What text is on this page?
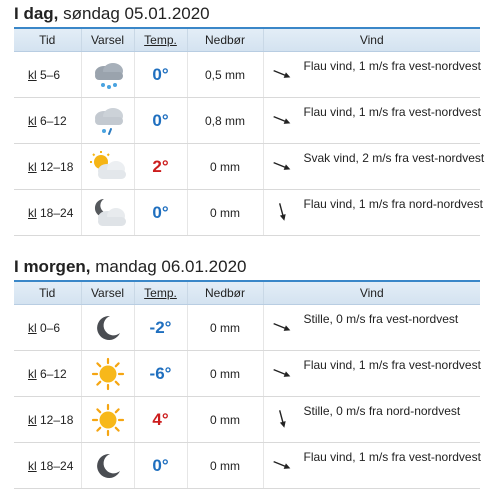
I dag, søndag 05.01.2020
Tid	Varsel	Temp.	Nedbør	Vind
kl 5–6		0°	0,5 mm	Flau vind, 1 m/s fra vest-nordvest

kl 6–12		0°	0,8 mm	Flau vind, 1 m/s fra vest-nordvest

kl 12–18		2°	0 mm	Svak vind, 2 m/s fra vest-nordvest

kl 18–24		0°	0 mm	Flau vind, 1 m/s fra nord-nordvest
I morgen, mandag 06.01.2020
Tid	Varsel	Temp.	Nedbør	Vind
kl 0–6		-2°	0 mm	Stille, 0 m/s fra vest-nordvest

kl 6–12		-6°	0 mm	Flau vind, 1 m/s fra vest-nordvest

kl 12–18		4°	0 mm	Stille, 0 m/s fra nord-nordvest

kl 18–24		0°	0 mm	Flau vind, 1 m/s fra vest-nordvest
